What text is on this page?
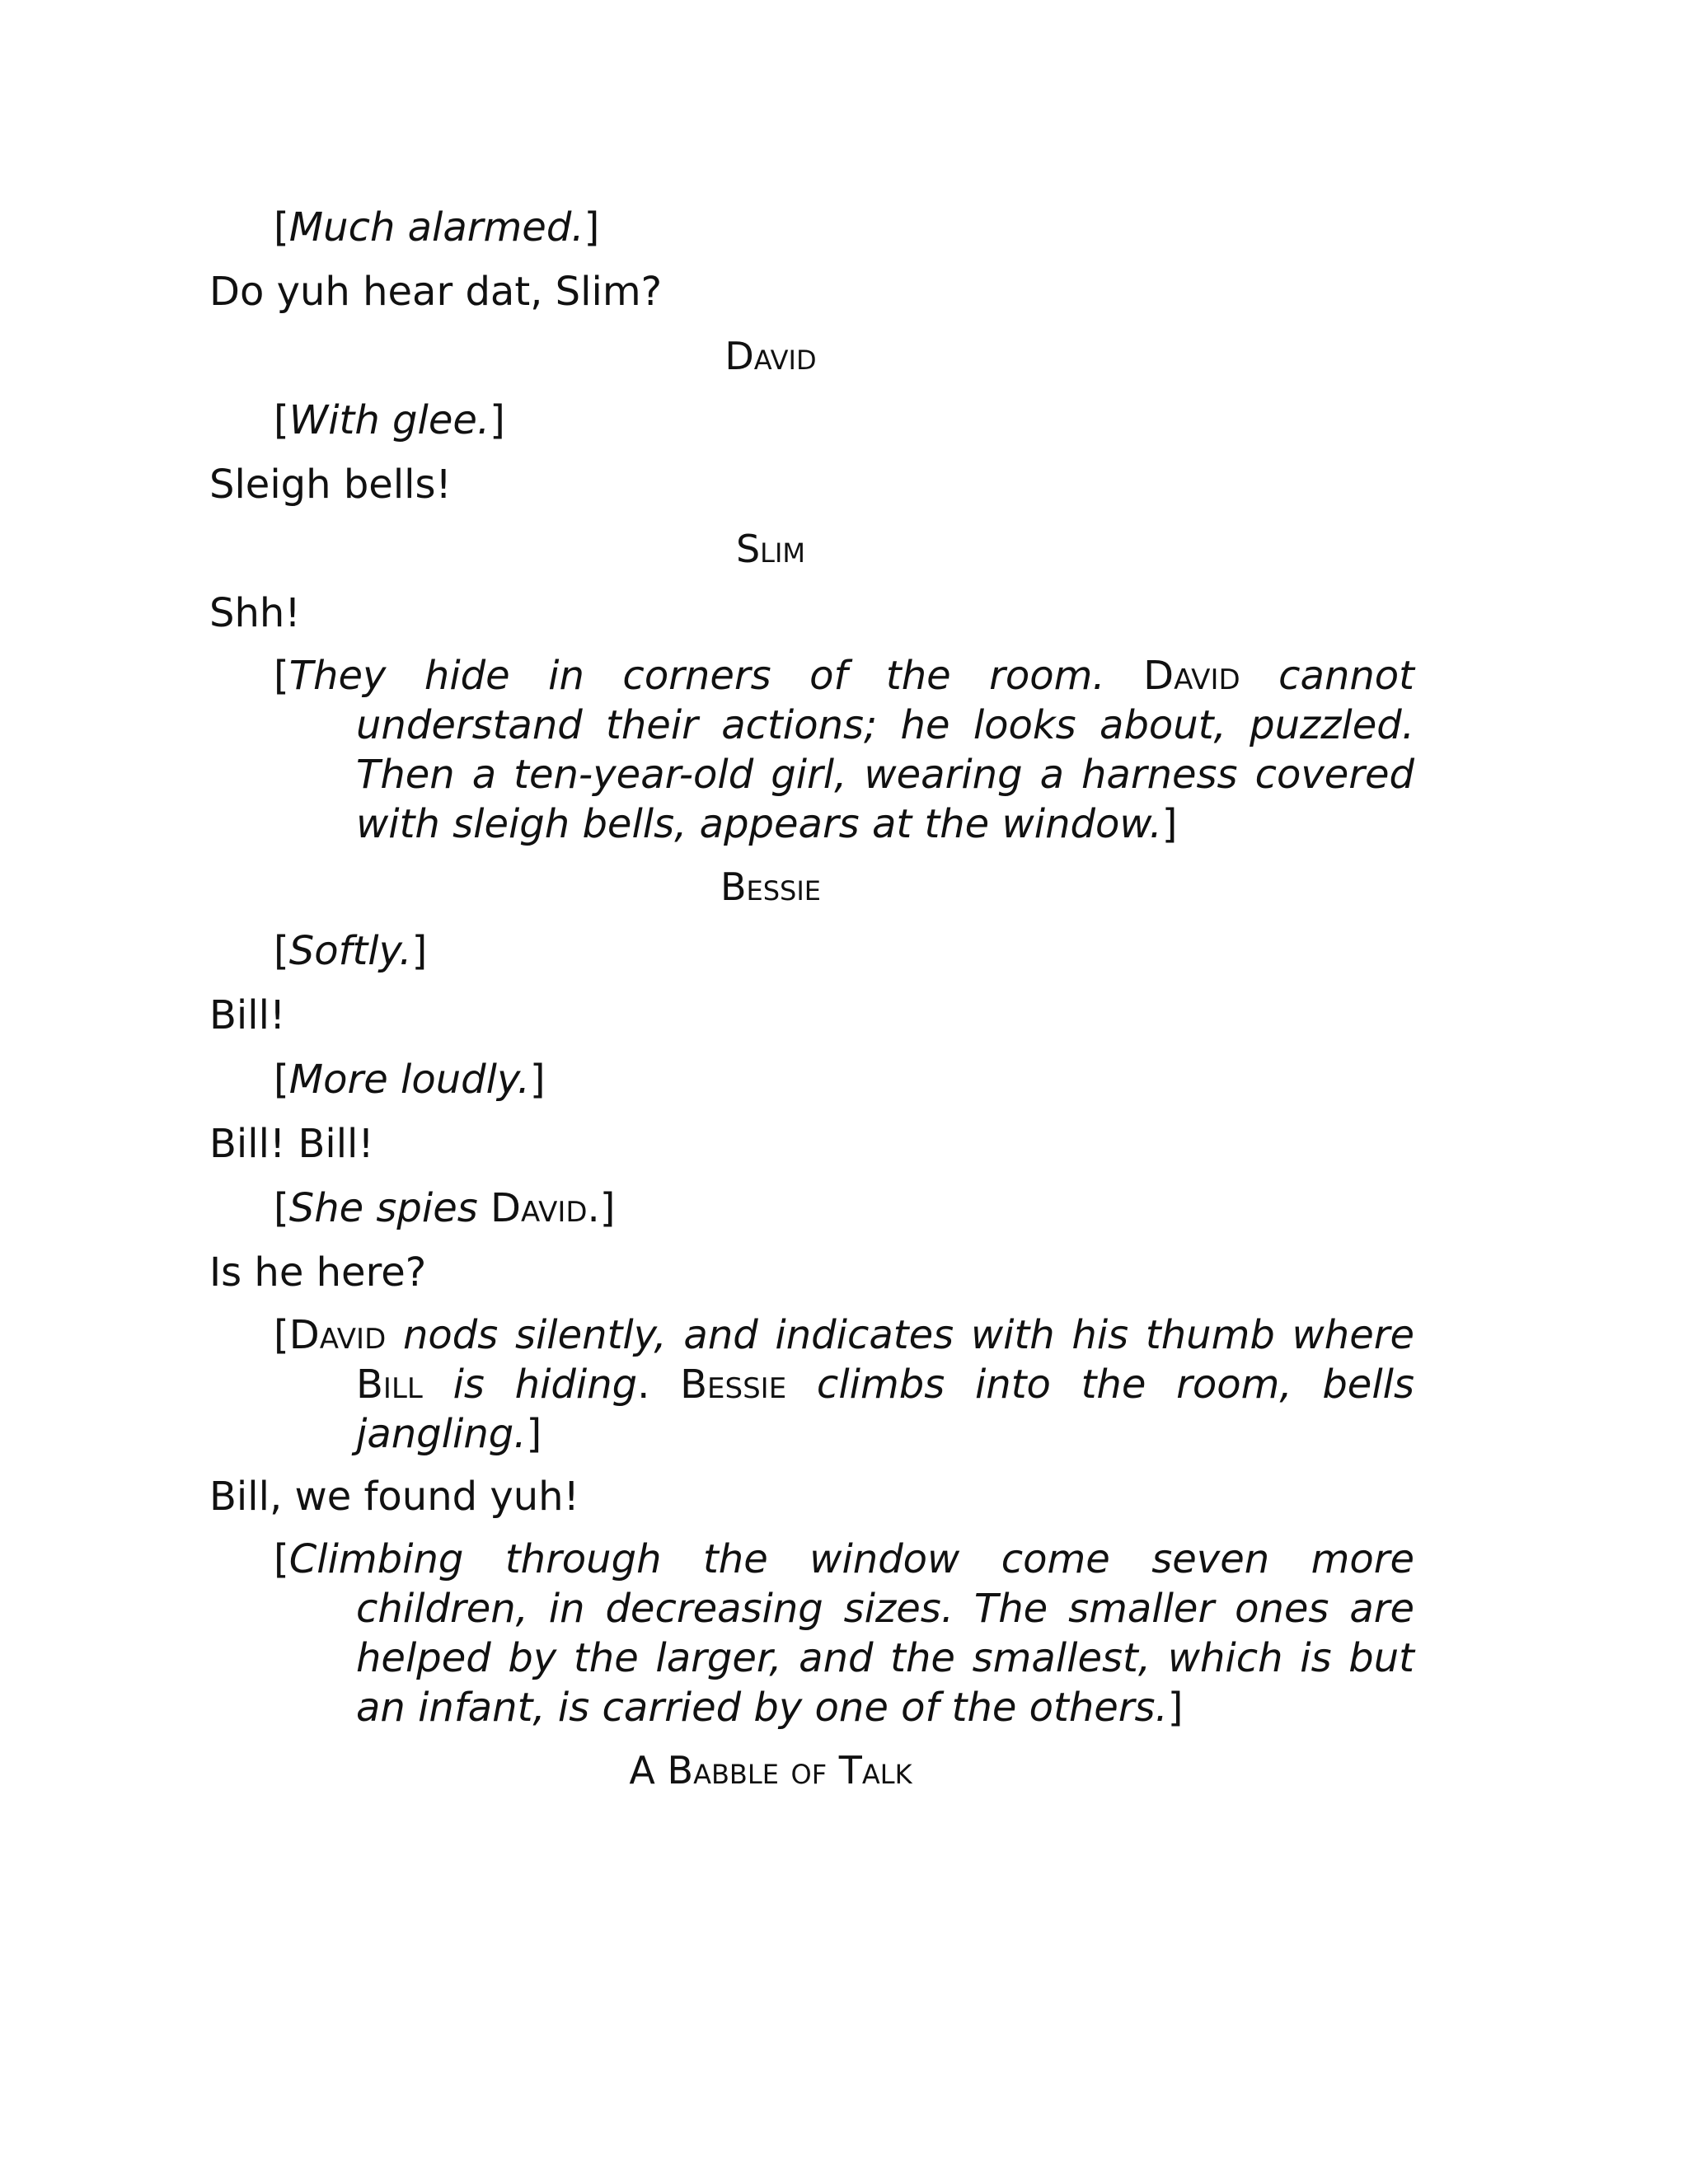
[Much alarmed.]
Do yuh hear dat, Slim?
David
[With glee.]
Sleigh bells!
Slim
Shh!
[They hide in corners of the room. David cannot understand their actions; he looks about, puzzled. Then a ten-year-old girl, wearing a harness covered with sleigh bells, appears at the window.]
Bessie
[Softly.]
Bill!
[More loudly.]
Bill! Bill!
[She spies David.]
Is he here?
[David nods silently, and indicates with his thumb where Bill is hiding. Bessie climbs into the room, bells jangling.]
Bill, we found yuh!
[Climbing through the window come seven more children, in decreasing sizes. The smaller ones are helped by the larger, and the smallest, which is but an infant, is carried by one of the others.]
A Babble of Talk
